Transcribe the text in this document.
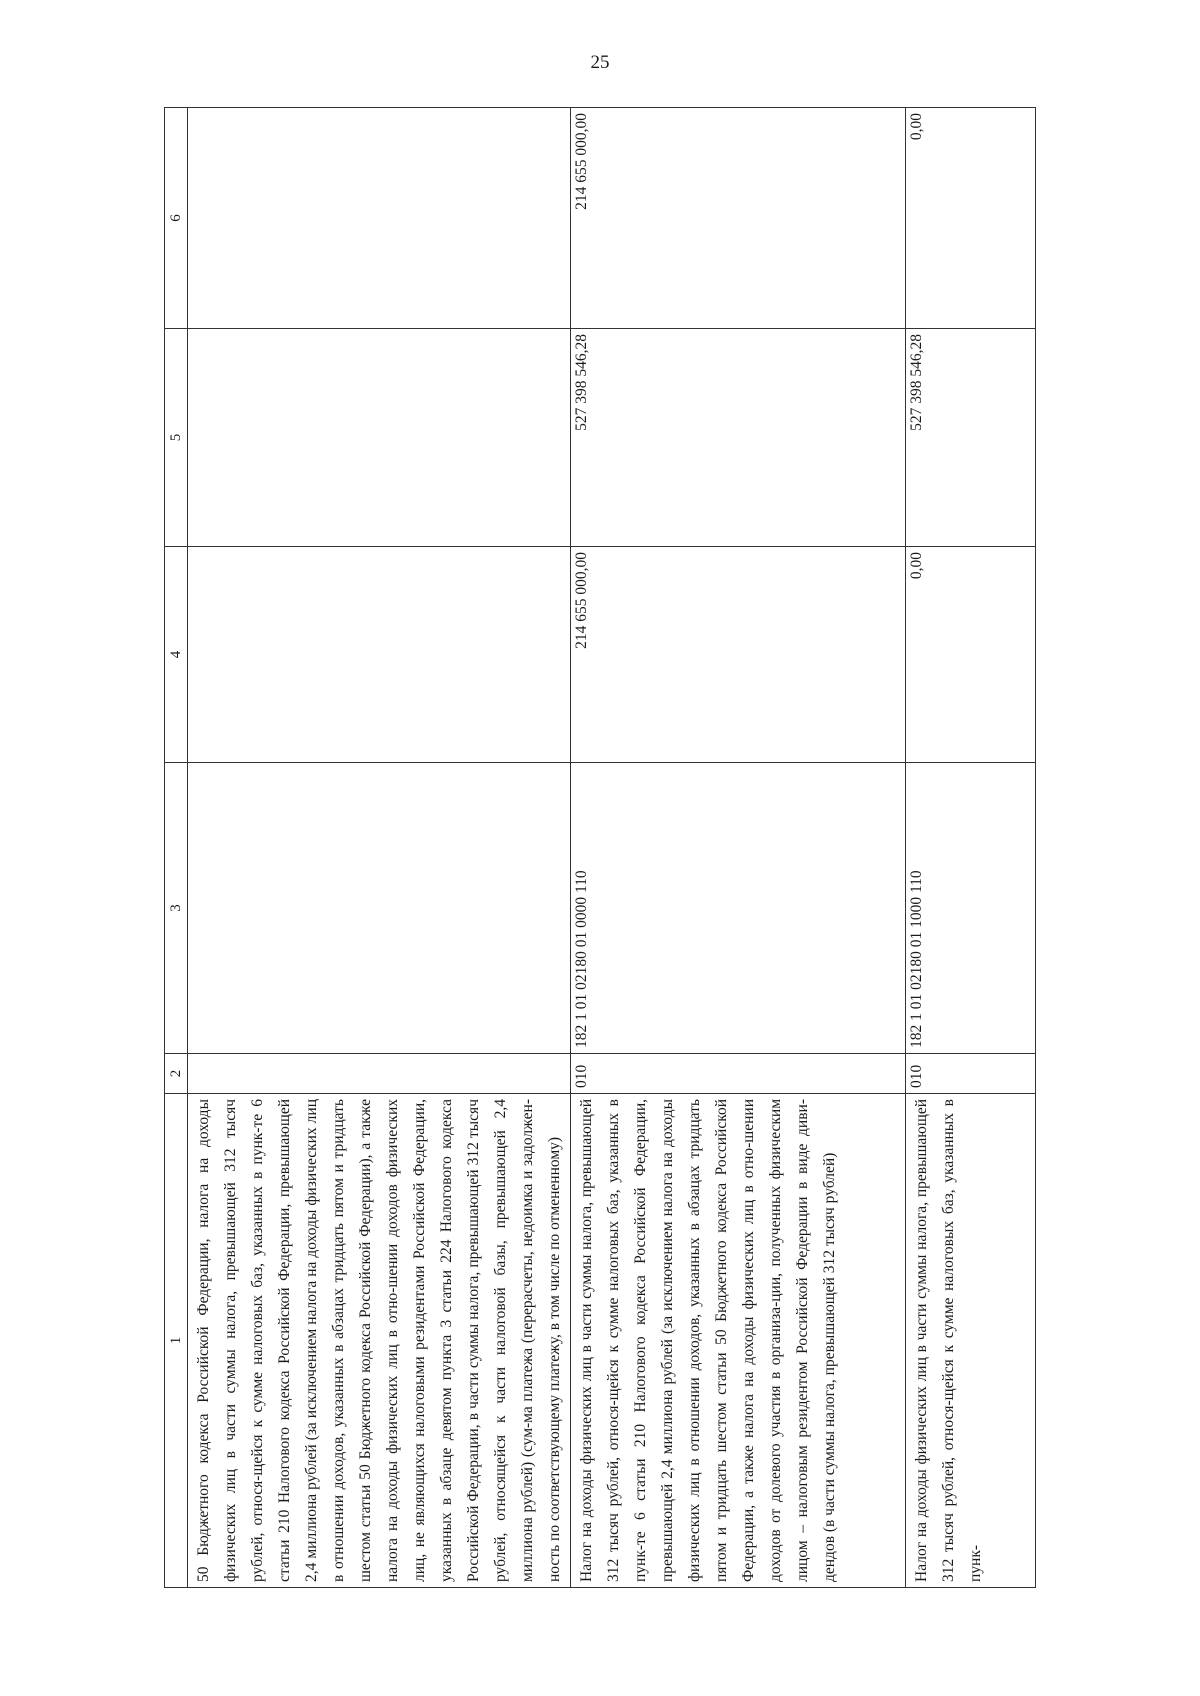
25
1	2	3	4	5	6
50 Бюджетного кодекса Российской Федерации, налога на доходы физических лиц в части суммы налога, превышающей 312 тысяч рублей, относя-щейся к сумме налоговых баз, указанных в пунк-те 6 статьи 210 Налогового кодекса Российской Федерации, превышающей 2,4 миллиона рублей (за исключением налога на доходы физических лиц в отношении доходов, указанных в абзацах тридцать пятом и тридцать шестом статьи 50 Бюджетного кодекса Российской Федерации), а также налога на доходы физических лиц в отно-шении доходов физических лиц, не являющихся налоговыми резидентами Российской Федерации, указанных в абзаце девятом пункта 3 статьи 224 Налогового кодекса Российской Федерации, в части суммы налога, превышающей 312 тысяч рублей, относящейся к части налоговой базы, превышающей 2,4 миллиона рублей) (сум-ма платежа (перерасчеты, недоимка и задолжен-ность по соответствующему платежу, в том числе по отмененному)					
Налог на доходы физических лиц в части суммы налога, превышающей 312 тысяч рублей, относя-щейся к сумме налоговых баз, указанных в пунк-те 6 статьи 210 Налогового кодекса Российской Федерации, превышающей 2,4 миллиона рублей (за исключением налога на доходы физических лиц в отношении доходов, указанных в абзацах тридцать пятом и тридцать шестом статьи 50 Бюджетного кодекса Российской Федерации, а также налога на доходы физических лиц в отно-шении доходов от долевого участия в организа-ции, полученных физическим лицом – налоговым резидентом Российской Федерации в виде диви-дендов (в части суммы налога, превышающей 312 тысяч рублей)	010	182 1 01 02180 01 0000 110	214 655 000,00	527 398 546,28	214 655 000,00
Налог на доходы физических лиц в части суммы налога, превышающей 312 тысяч рублей, относя-щейся к сумме налоговых баз, указанных в пунк-	010	182 1 01 02180 01 1000 110	0,00	527 398 546,28	0,00
